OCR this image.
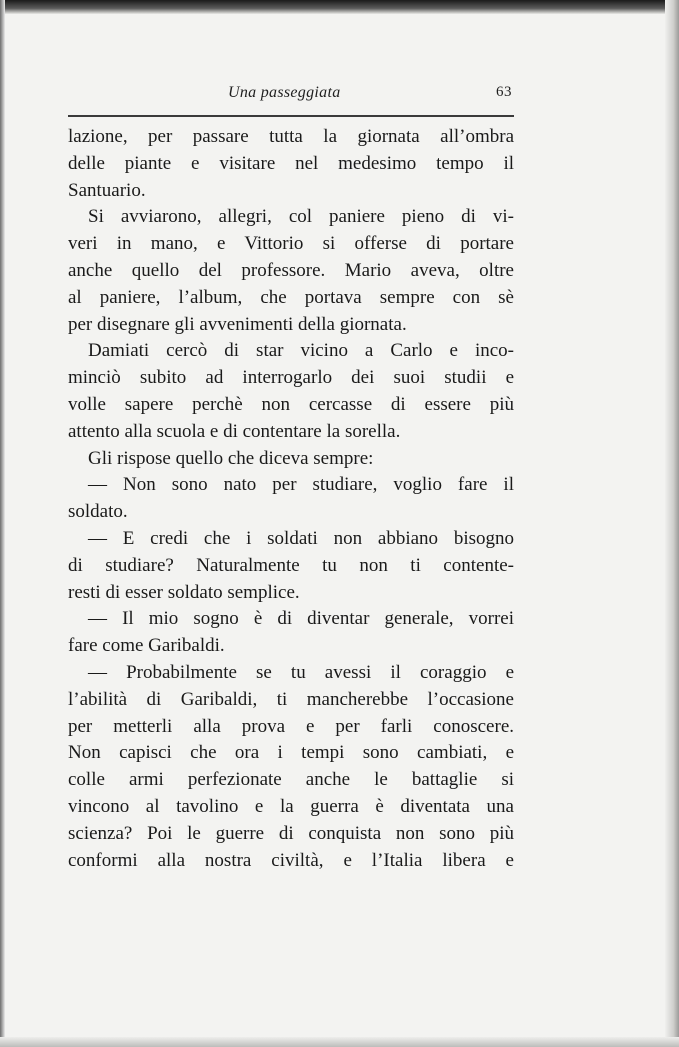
Una passeggiata	63
lazione, per passare tutta la giornata all’ombra
delle piante e visitare nel medesimo tempo il
Santuario.
Si avviarono, allegri, col paniere pieno di vi-
veri in mano, e Vittorio si offerse di portare
anche quello del professore. Mario aveva, oltre
al paniere, l’album, che portava sempre con sè
per disegnare gli avvenimenti della giornata.
Damiati cercò di star vicino a Carlo e inco-
minciò subito ad interrogarlo dei suoi studii e
volle sapere perchè non cercasse di essere più
attento alla scuola e di contentare la sorella.
Gli rispose quello che diceva sempre:
— Non sono nato per studiare, voglio fare il
soldato.
— E credi che i soldati non abbiano bisogno
di studiare? Naturalmente tu non ti contente-
resti di esser soldato semplice.
— Il mio sogno è di diventar generale, vorrei
fare come Garibaldi.
— Probabilmente se tu avessi il coraggio e
l’abilità di Garibaldi, ti mancherebbe l’occasione
per metterli alla prova e per farli conoscere.
Non capisci che ora i tempi sono cambiati, e
colle armi perfezionate anche le battaglie si
vincono al tavolino e la guerra è diventata una
scienza? Poi le guerre di conquista non sono più
conformi alla nostra civiltà, e l’Italia libera e
